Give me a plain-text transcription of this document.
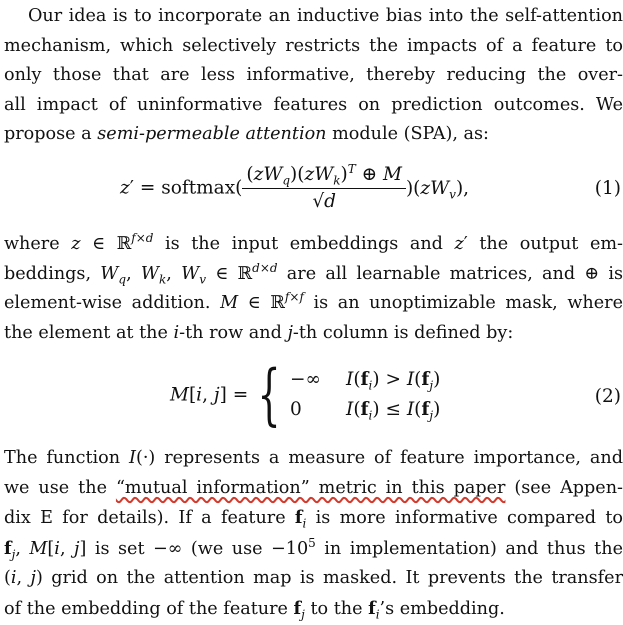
Our idea is to incorporate an inductive bias into the self-attention
mechanism, which selectively restricts the impacts of a feature to
only those that are less informative, thereby reducing the over-
all impact of uninformative features on prediction outcomes. We
propose a semi-permeable attention module (SPA), as:
z′ = softmax( $\frac{(zW_q)(zW_k)^T \oplus M}{√d} )(zW_v)$,	(1)
where z ∈ ℝ$^{f\times d}$ is the input embeddings and z′ the output em-
beddings, $W_q$, $W_k$, $W_v$ ∈ ℝ$^{d\times d}$ are all learnable matrices, and ⊕ is
element-wise addition. M ∈ ℝ$^{f\times f}$ is an unoptimizable mask, where
the element at the i-th row and j-th column is defined by:
M[i, j] = { −∞ $I(f_i) > I(f_j)$
0 $I(f_i) \le I(f_j)$
(2)
The function I(·) represents a measure of feature importance, and
we use the “mutual information” metric in this paper (see Appen-
dix E for details). If a feature $f_i$ is more informative compared to
$f_j$, M[i, j] is set −∞ (we use $-10^5$ in implementation) and thus the
(i, j) grid on the attention map is masked. It prevents the transfer
of the embedding of the feature $f_j$ to the $f_i’s$ embedding.
